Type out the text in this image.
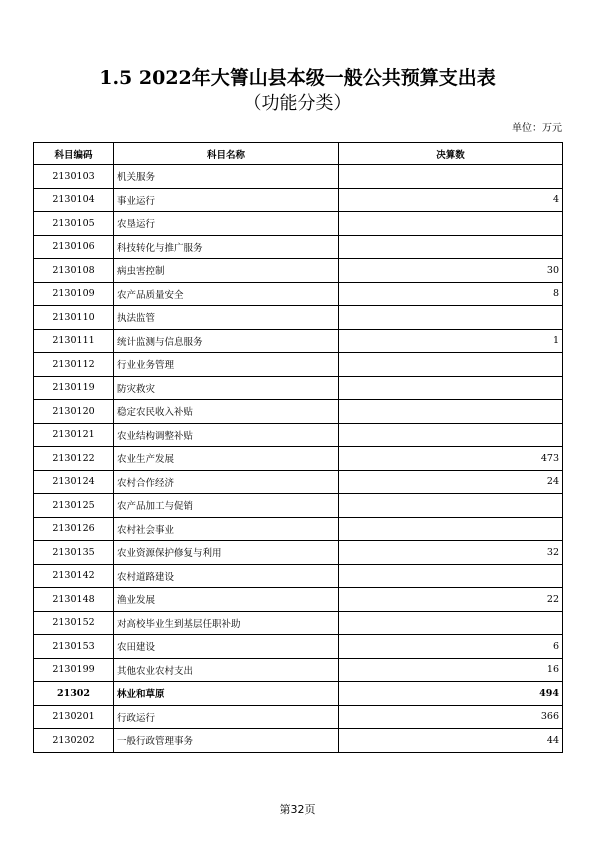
1.5 2022年大箐山县本级一般公共预算支出表
（功能分类）
单位：万元
科目编码	科目名称	决算数
2130103	机关服务	
2130104	事业运行	4
2130105	农垦运行	
2130106	科技转化与推广服务	
2130108	病虫害控制	30
2130109	农产品质量安全	8
2130110	执法监管	
2130111	统计监测与信息服务	1
2130112	行业业务管理	
2130119	防灾救灾	
2130120	稳定农民收入补贴	
2130121	农业结构调整补贴	
2130122	农业生产发展	473
2130124	农村合作经济	24
2130125	农产品加工与促销	
2130126	农村社会事业	
2130135	农业资源保护修复与利用	32
2130142	农村道路建设	
2130148	渔业发展	22
2130152	对高校毕业生到基层任职补助	
2130153	农田建设	6
2130199	其他农业农村支出	16
21302	林业和草原	494
2130201	行政运行	366
2130202	一般行政管理事务	44
第32页
